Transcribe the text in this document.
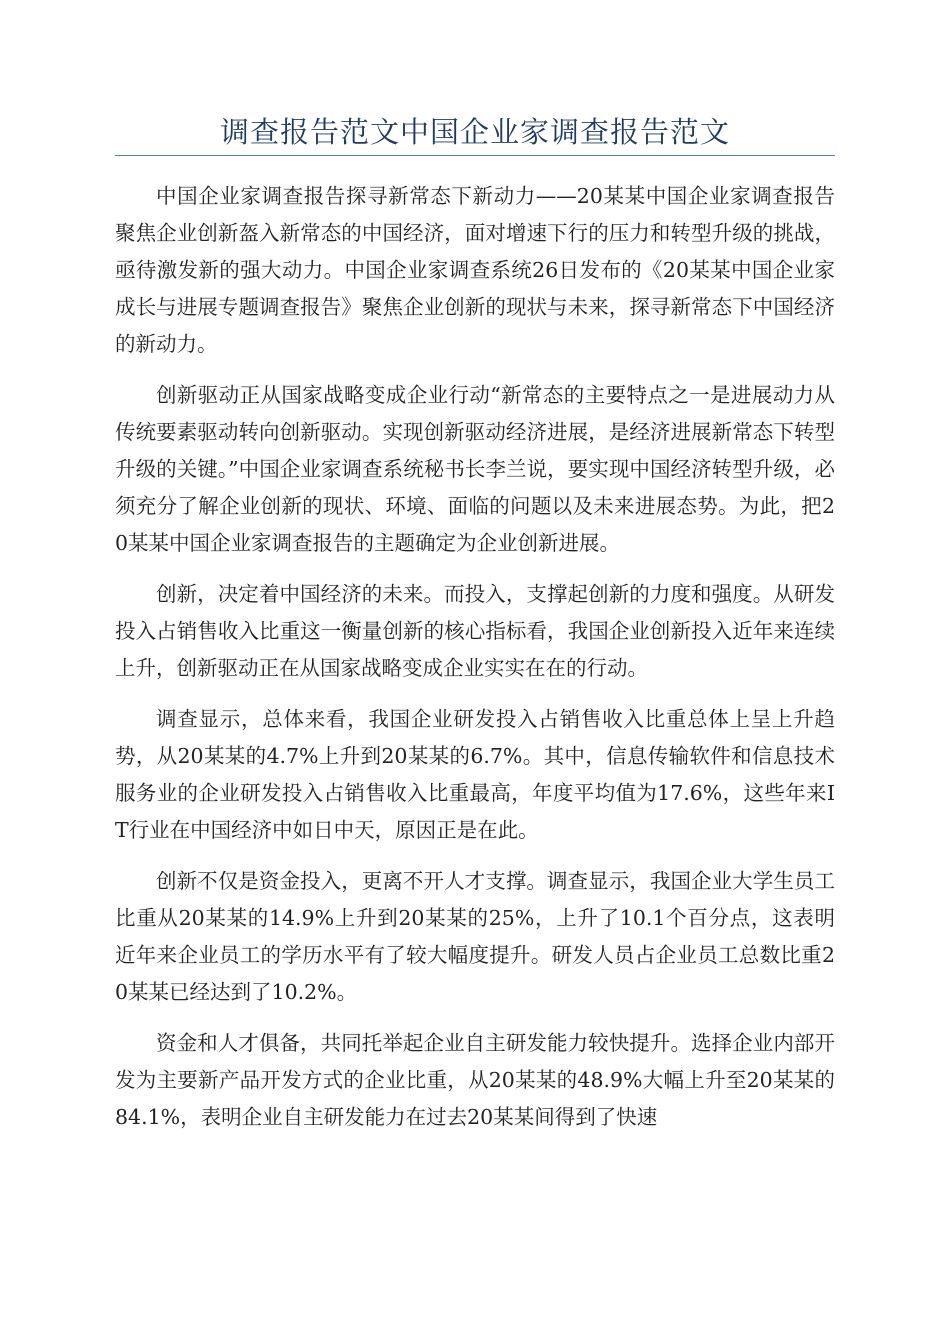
调查报告范文中国企业家调查报告范文

中国企业家调查报告探寻新常态下新动力——20某某中国企业家调查报告聚焦企业创新盔入新常态的中国经济，面对增速下行的压力和转型升级的挑战，亟待激发新的强大动力。中国企业家调查系统26日发布的《20某某中国企业家成长与进展专题调查报告》聚焦企业创新的现状与未来，探寻新常态下中国经济的新动力。

创新驱动正从国家战略变成企业行动“新常态的主要特点之一是进展动力从传统要素驱动转向创新驱动。实现创新驱动经济进展，是经济进展新常态下转型升级的关键。”中国企业家调查系统秘书长李兰说，要实现中国经济转型升级，必须充分了解企业创新的现状、环境、面临的问题以及未来进展态势。为此，把20某某中国企业家调查报告的主题确定为企业创新进展。

创新，决定着中国经济的未来。而投入，支撑起创新的力度和强度。从研发投入占销售收入比重这一衡量创新的核心指标看，我国企业创新投入近年来连续上升，创新驱动正在从国家战略变成企业实实在在的行动。

调查显示，总体来看，我国企业研发投入占销售收入比重总体上呈上升趋势，从20某某的4.7%上升到20某某的6.7%。其中，信息传输软件和信息技术服务业的企业研发投入占销售收入比重最高，年度平均值为17.6%，这些年来IT行业在中国经济中如日中天，原因正是在此。

创新不仅是资金投入，更离不开人才支撑。调查显示，我国企业大学生员工比重从20某某的14.9%上升到20某某的25%，上升了10.1个百分点，这表明近年来企业员工的学历水平有了较大幅度提升。研发人员占企业员工总数比重20某某已经达到了10.2%。

资金和人才俱备，共同托举起企业自主研发能力较快提升。选择企业内部开发为主要新产品开发方式的企业比重，从20某某的48.9%大幅上升至20某某的84.1%，表明企业自主研发能力在过去20某某间得到了快速
